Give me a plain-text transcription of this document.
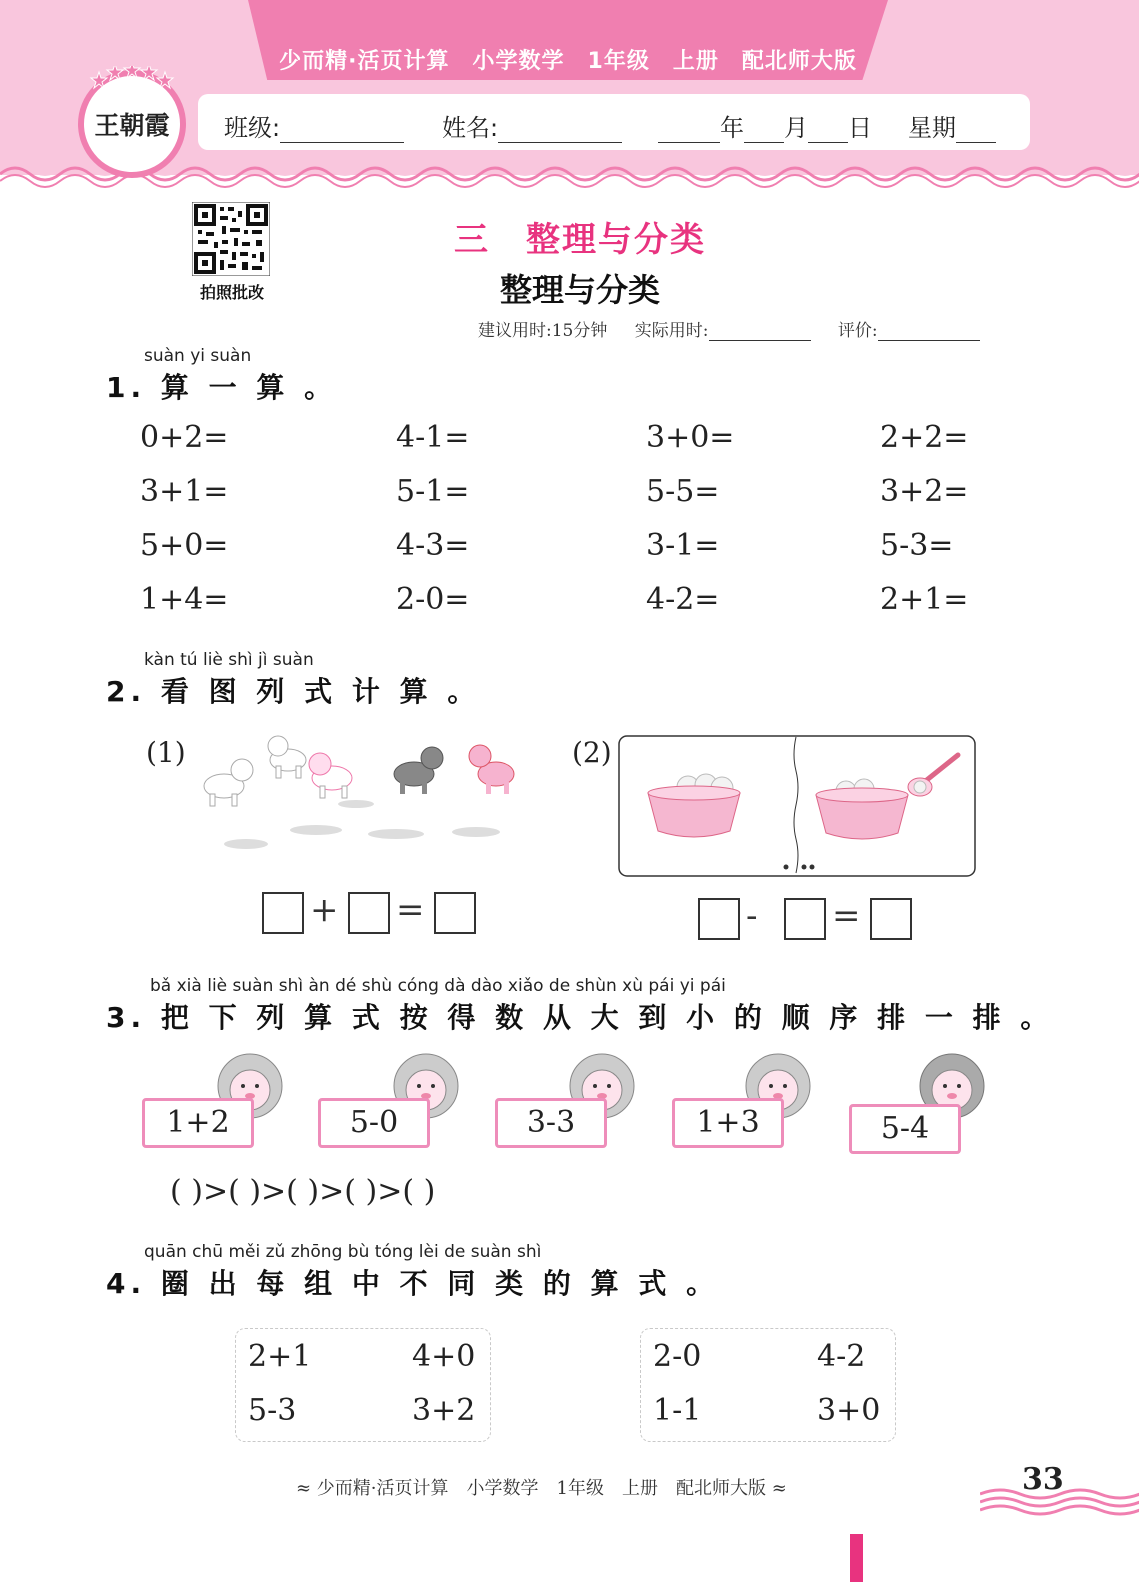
少而精·活页计算　小学数学　1年级　上册　配北师大版
班级:	姓名:	年 月 日 星期
王朝霞
拍照批改
三　整理与分类
整理与分类
建议用时:15分钟 实际用时:	评价:
suàn yi suàn
1. 算 一 算 。
0+2=	4-1=	3+0=	2+2=
3+1=	5-1=	5-5=	3+2=
5+0=	4-3=	3-1=	5-3=
1+4=	2-0=	4-2=	2+1=
kàn tú liè shì jì suàn
2. 看 图 列 式 计 算 。
(1)
+ =
(2)
- =
bǎ xià liè suàn shì àn dé shù cóng dà dào xiǎo de shùn xù pái yi pái
3. 把 下 列 算 式 按 得 数 从 大 到 小 的 顺 序 排 一 排 。
1+2	5-0	3-3	1+3	5-4
( )>( )>( )>( )>( )
quān chū měi zǔ zhōng bù tóng lèi de suàn shì
4. 圈 出 每 组 中 不 同 类 的 算 式 。
2+1	4+0
5-3	3+2
2-0	4-2
1-1	3+0
≈ 少而精·活页计算　小学数学　1年级　上册　配北师大版 ≈	33
